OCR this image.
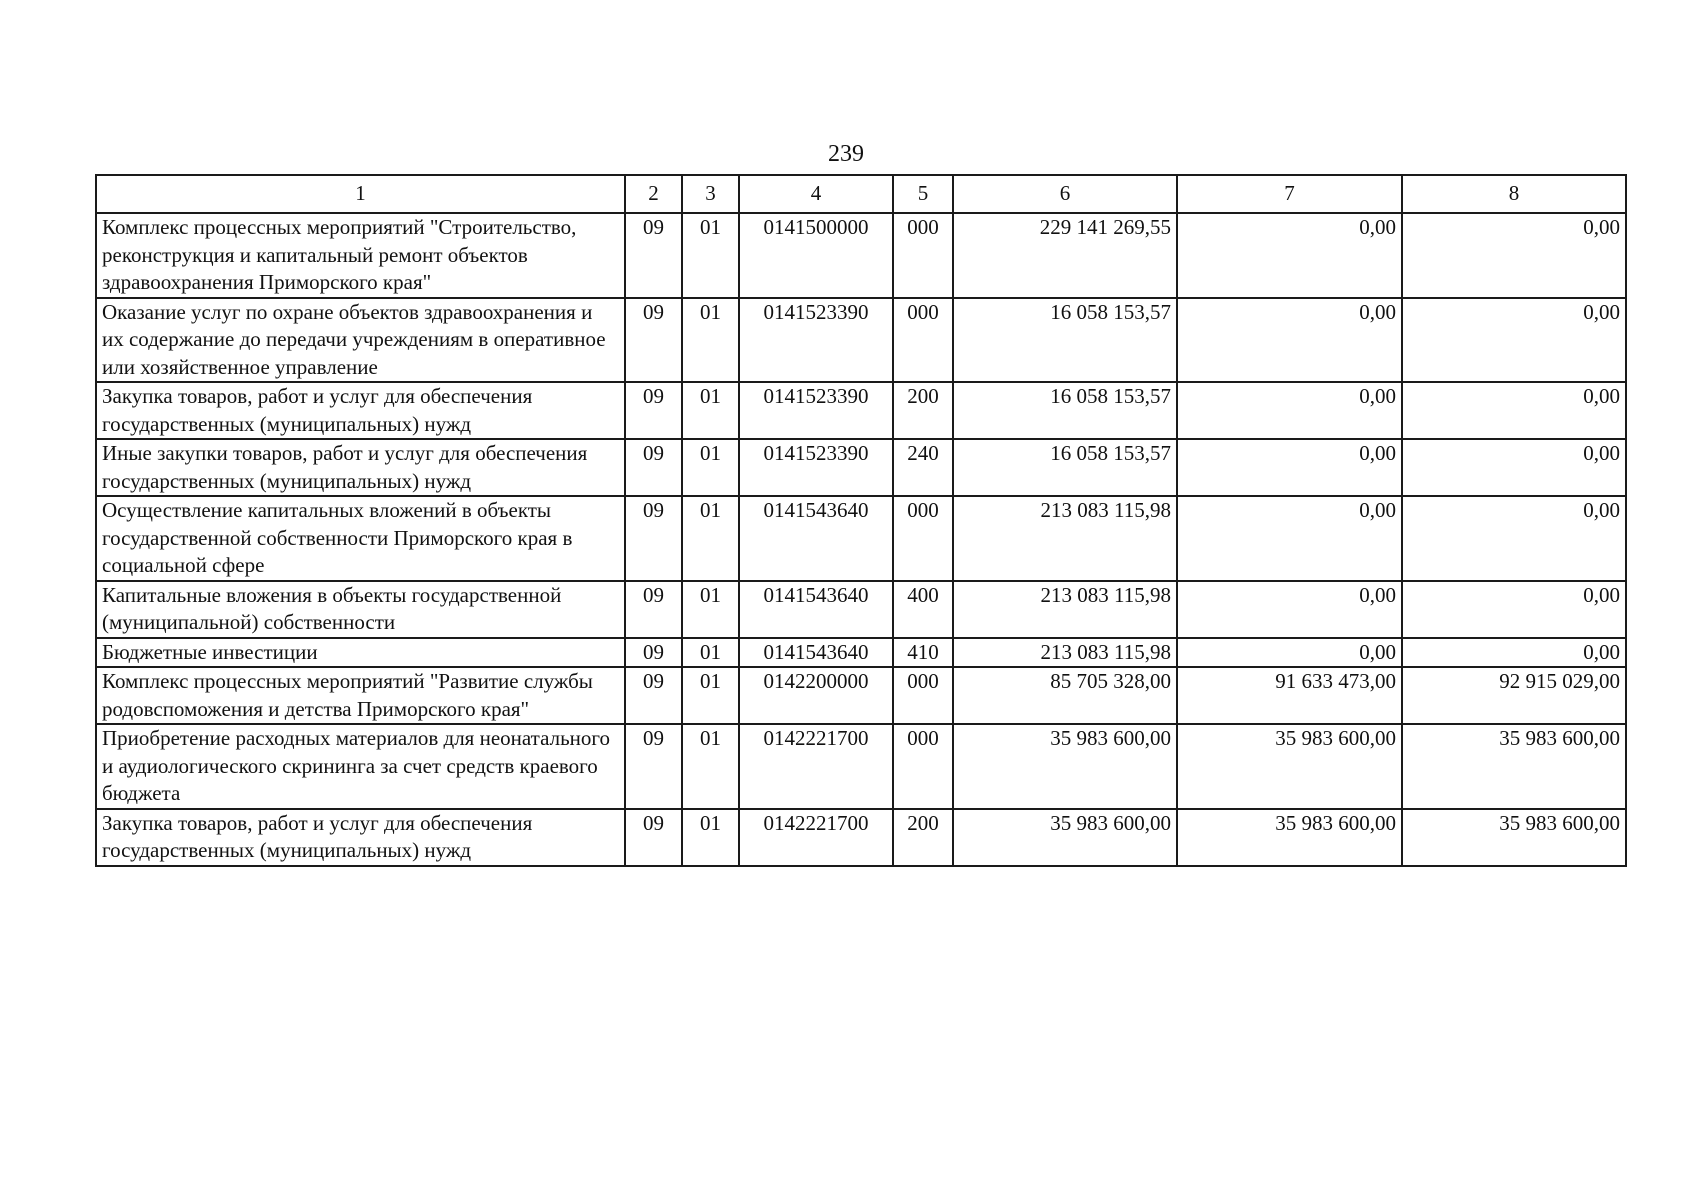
239
1	2	3	4	5	6	7	8
Комплекс процессных мероприятий "Строительство, реконструкция и капитальный ремонт объектов здравоохранения Приморского края"	09	01	0141500000	000	229 141 269,55	0,00	0,00
Оказание услуг по охране объектов здравоохранения и их содержание до передачи учреждениям в оперативное или хозяйственное управление	09	01	0141523390	000	16 058 153,57	0,00	0,00
Закупка товаров, работ и услуг для обеспечения государственных (муниципальных) нужд	09	01	0141523390	200	16 058 153,57	0,00	0,00
Иные закупки товаров, работ и услуг для обеспечения государственных (муниципальных) нужд	09	01	0141523390	240	16 058 153,57	0,00	0,00
Осуществление капитальных вложений в объекты государственной собственности Приморского края в социальной сфере	09	01	0141543640	000	213 083 115,98	0,00	0,00
Капитальные вложения в объекты государственной (муниципальной) собственности	09	01	0141543640	400	213 083 115,98	0,00	0,00
Бюджетные инвестиции	09	01	0141543640	410	213 083 115,98	0,00	0,00
Комплекс процессных мероприятий "Развитие службы родовспоможения и детства Приморского края"	09	01	0142200000	000	85 705 328,00	91 633 473,00	92 915 029,00
Приобретение расходных материалов для неонатального и аудиологического скрининга за счет средств краевого бюджета	09	01	0142221700	000	35 983 600,00	35 983 600,00	35 983 600,00
Закупка товаров, работ и услуг для обеспечения государственных (муниципальных) нужд	09	01	0142221700	200	35 983 600,00	35 983 600,00	35 983 600,00
